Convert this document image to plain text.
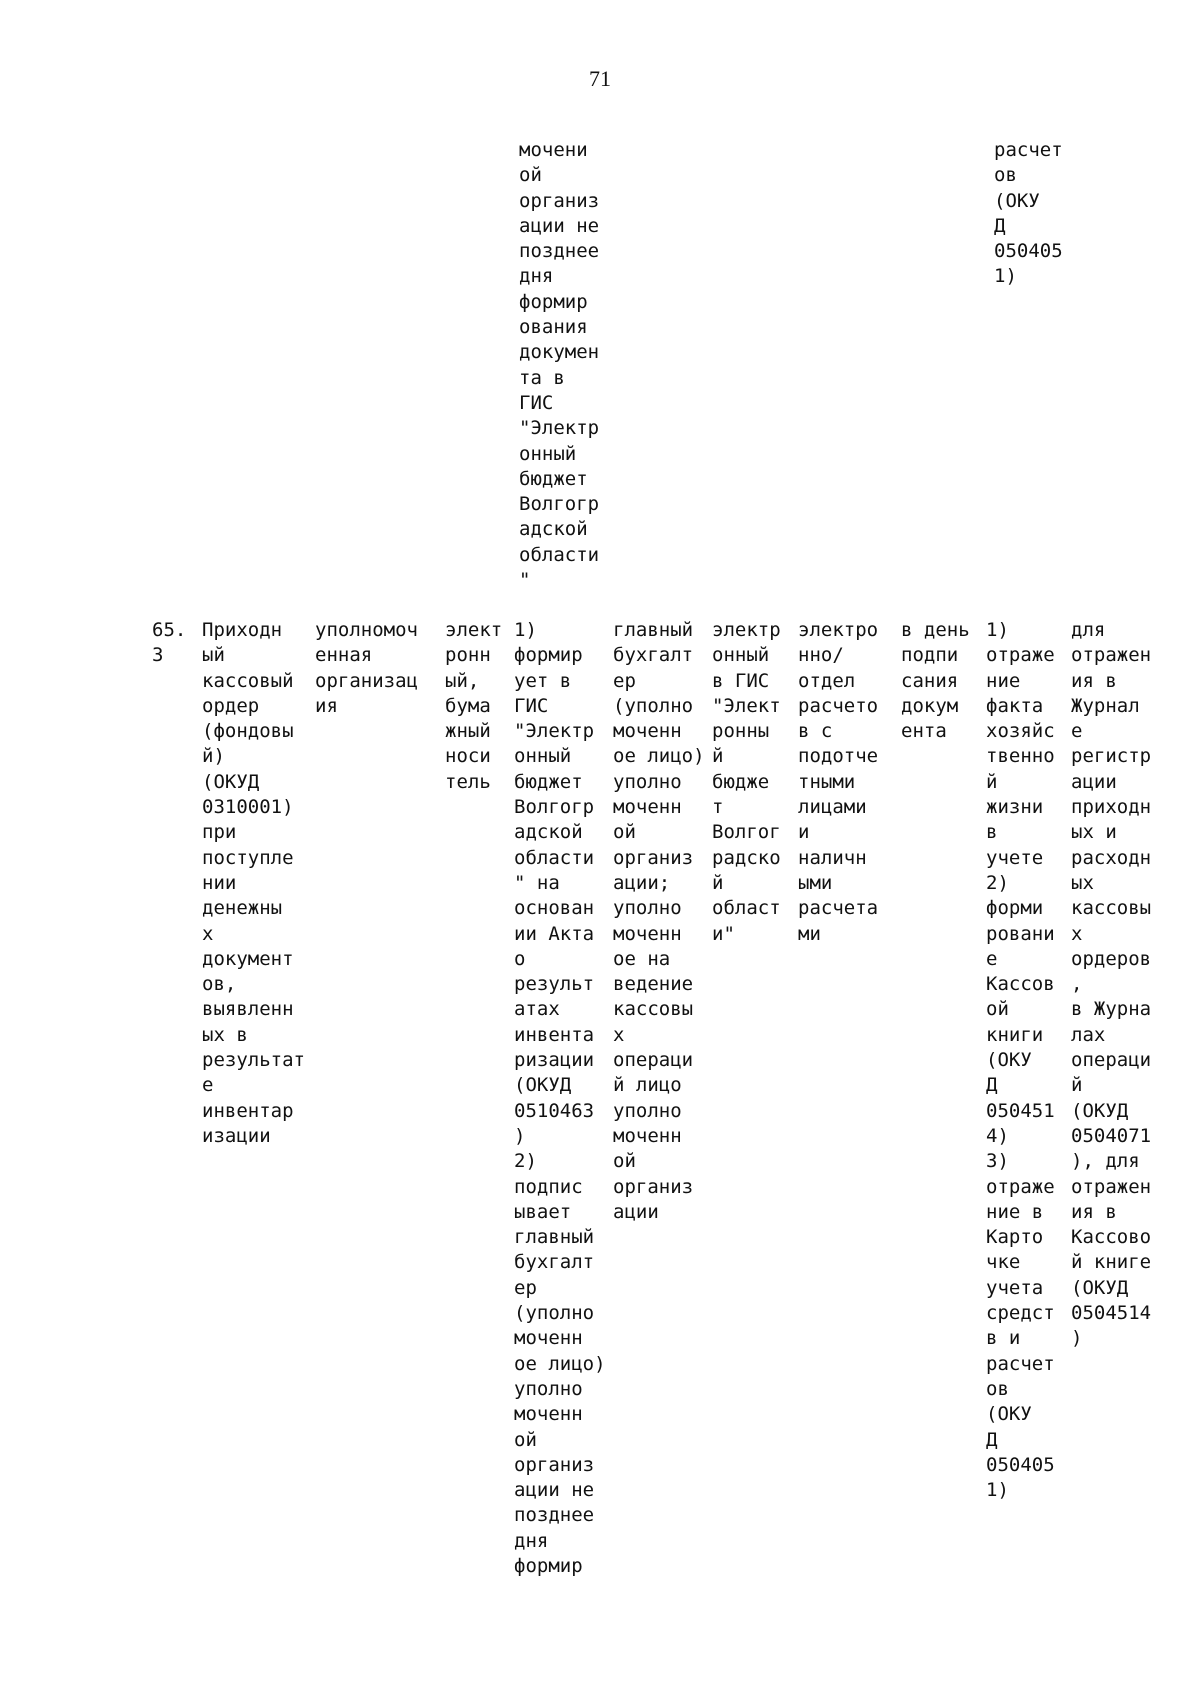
71
мочени
ой
организ
ации не
позднее
дня
формир
ования
докумен
та в
ГИС
"Электр
онный
бюджет
Волгогр
адской
области
"
расчет
ов
(ОКУ
Д
050405
1)
65.
3
Приходн
ый
кассовый
ордер
(фондовы
й)
(ОКУД
0310001)
при
поступле
нии
денежны
х
документ
ов,
выявленн
ых в
результат
е
инвентар
изации
уполномоч
енная
организац
ия
элект
ронн
ый,
бума
жный
носи
тель
1)
формир
ует в
ГИС
"Электр
онный
бюджет
Волгогр
адской
области
" на
основан
ии Акта
о
результ
атах
инвента
ризации
(ОКУД
0510463
)
2)
подпис
ывает
главный
бухгалт
ер
(уполно
моченн
ое лицо)
уполно
моченн
ой
организ
ации не
позднее
дня
формир
главный
бухгалт
ер
(уполно
моченн
ое лицо)
уполно
моченн
ой
организ
ации;
уполно
моченн
ое на
ведение
кассовы
х
операци
й лицо
уполно
моченн
ой
организ
ации
электр
онный
в ГИС
"Элект
ронны
й
бюдже
т
Волгог
радско
й
област
и"
электро
нно/
отдел
расчето
в с
подотче
тными
лицами
и
наличн
ыми
расчета
ми
в день
подпи
сания
докум
ента
1)
отраже
ние
факта
хозяйс
твенно
й
жизни
в
учете
2)
форми
ровани
е
Кассов
ой
книги
(ОКУ
Д
050451
4)
3)
отраже
ние в
Карто
чке
учета
средст
в и
расчет
ов
(ОКУ
Д
050405
1)
для
отражен
ия в
Журнал
е
регистр
ации
приходн
ых и
расходн
ых
кассовы
х
ордеров
,
в Журна
лах
операци
й
(ОКУД
0504071
), для
отражен
ия в
Кассово
й книге
(ОКУД
0504514
)
